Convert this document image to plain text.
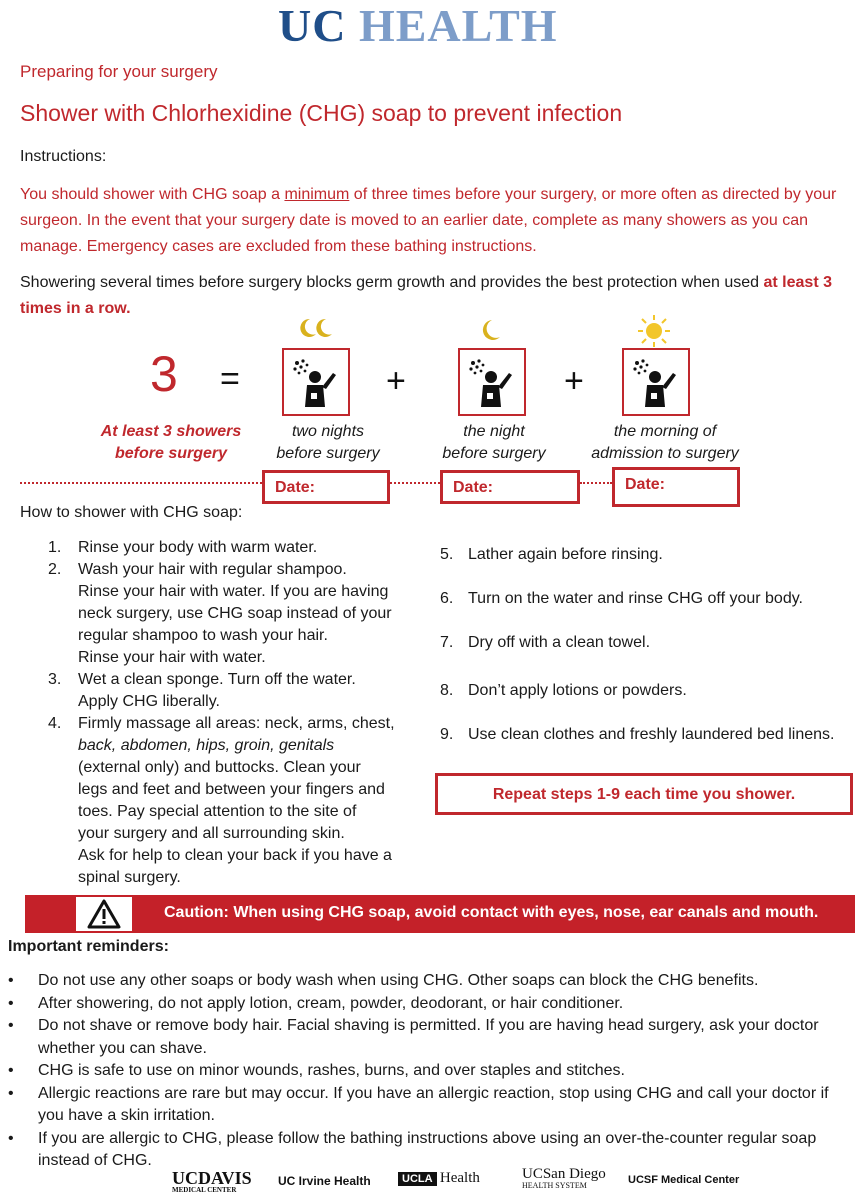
UC HEALTH
Preparing for your surgery
Shower with Chlorhexidine (CHG) soap to prevent infection
Instructions:
You should shower with CHG soap a minimum of three times before your surgery, or more often as directed by your surgeon. In the event that your surgery date is moved to an earlier date, complete as many showers as you can manage. Emergency cases are excluded from these bathing instructions.
Showering several times before surgery blocks germ growth and provides the best protection when used at least 3 times in a row.
3 =	+	+
At least 3 showers
before surgery
two nights
before surgery
the night
before surgery
the morning of
admission to surgery
Date:	Date:	Date:
How to shower with CHG soap:
1. Rinse your body with warm water.
2. Wash your hair with regular shampoo.
Rinse your hair with water. If you are having
neck surgery, use CHG soap instead of your
regular shampoo to wash your hair.
Rinse your hair with water.
3. Wet a clean sponge. Turn off the water.
Apply CHG liberally.
4. Firmly massage all areas: neck, arms, chest,
back, abdomen, hips, groin, genitals
(external only) and buttocks. Clean your
legs and feet and between your fingers and
toes. Pay special attention to the site of
your surgery and all surrounding skin.
Ask for help to clean your back if you have a
spinal surgery.
5. Lather again before rinsing.
6. Turn on the water and rinse CHG off your body.
7. Dry off with a clean towel.
8. Don’t apply lotions or powders.
9. Use clean clothes and freshly laundered bed linens.
Repeat steps 1-9 each time you shower.
Caution: When using CHG soap, avoid contact with eyes, nose, ear canals and mouth.
Important reminders:
• Do not use any other soaps or body wash when using CHG. Other soaps can block the CHG benefits.
• After showering, do not apply lotion, cream, powder, deodorant, or hair conditioner.
• Do not shave or remove body hair. Facial shaving is permitted. If you are having head surgery, ask your doctor whether you can shave.
• CHG is safe to use on minor wounds, rashes, burns, and over staples and stitches.
• Allergic reactions are rare but may occur. If you have an allergic reaction, stop using CHG and call your doctor if you have a skin irritation.
• If you are allergic to CHG, please follow the bathing instructions above using an over-the-counter regular soap instead of CHG.
UCDAVIS
MEDICAL CENTER
UC Irvine Health	UCLA Health	UCSan Diego
HEALTH SYSTEM	UCSF Medical Center
